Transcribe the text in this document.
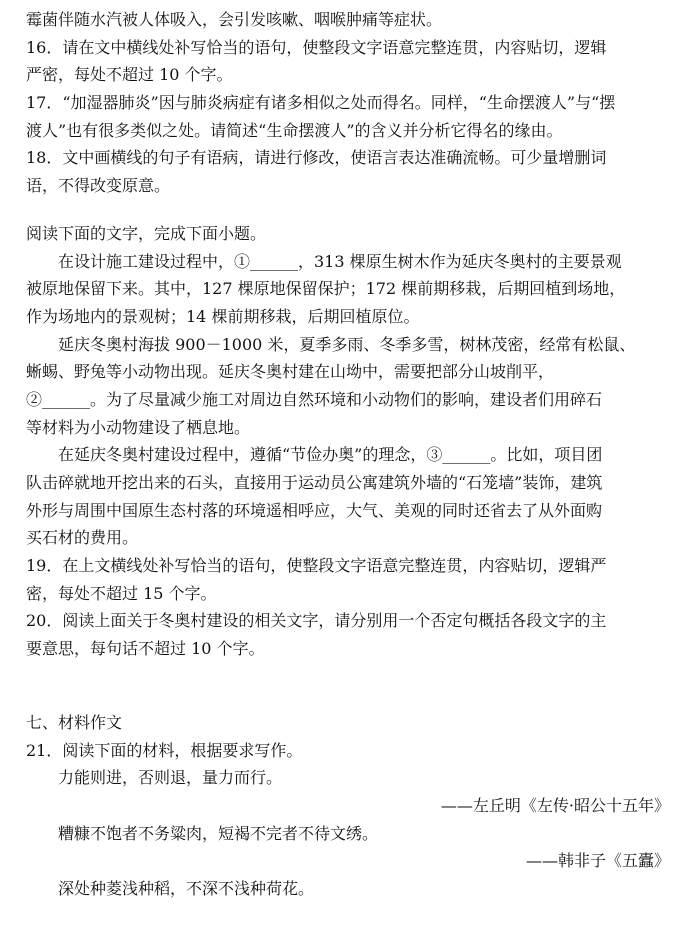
霉菌伴随水汽被人体吸入，会引发咳嗽、咽喉肿痛等症状。
16．请在文中横线处补写恰当的语句，使整段文字语意完整连贯，内容贴切，逻辑
严密，每处不超过 10 个字。
17．“加湿器肺炎”因与肺炎病症有诸多相似之处而得名。同样，“生命摆渡人”与“摆
渡人”也有很多类似之处。请简述“生命摆渡人”的含义并分析它得名的缘由。
18．文中画横线的句子有语病，请进行修改，使语言表达准确流畅。可少量增删词
语，不得改变原意。
阅读下面的文字，完成下面小题。
在设计施工建设过程中，①______，313 棵原生树木作为延庆冬奥村的主要景观
被原地保留下来。其中，127 棵原地保留保护；172 棵前期移栽，后期回植到场地，
作为场地内的景观树；14 棵前期移栽，后期回植原位。
延庆冬奥村海拔 900－1000 米，夏季多雨、冬季多雪，树林茂密，经常有松鼠、
蜥蜴、野兔等小动物出现。延庆冬奥村建在山坳中，需要把部分山坡削平，
②______。为了尽量减少施工对周边自然环境和小动物们的影响，建设者们用碎石
等材料为小动物建设了栖息地。
在延庆冬奥村建设过程中，遵循“节俭办奥”的理念，③______。比如，项目团
队击碎就地开挖出来的石头，直接用于运动员公寓建筑外墙的“石笼墙”装饰，建筑
外形与周围中国原生态村落的环境遥相呼应，大气、美观的同时还省去了从外面购
买石材的费用。
19．在上文横线处补写恰当的语句，使整段文字语意完整连贯，内容贴切，逻辑严
密，每处不超过 15 个字。
20．阅读上面关于冬奥村建设的相关文字，请分别用一个否定句概括各段文字的主
要意思，每句话不超过 10 个字。
七、材料作文
21．阅读下面的材料，根据要求写作。
力能则进，否则退，量力而行。
——左丘明《左传·昭公十五年》
糟糠不饱者不务粱肉，短褐不完者不待文绣。
——韩非子《五蠹》
深处种菱浅种稻，不深不浅种荷花。
